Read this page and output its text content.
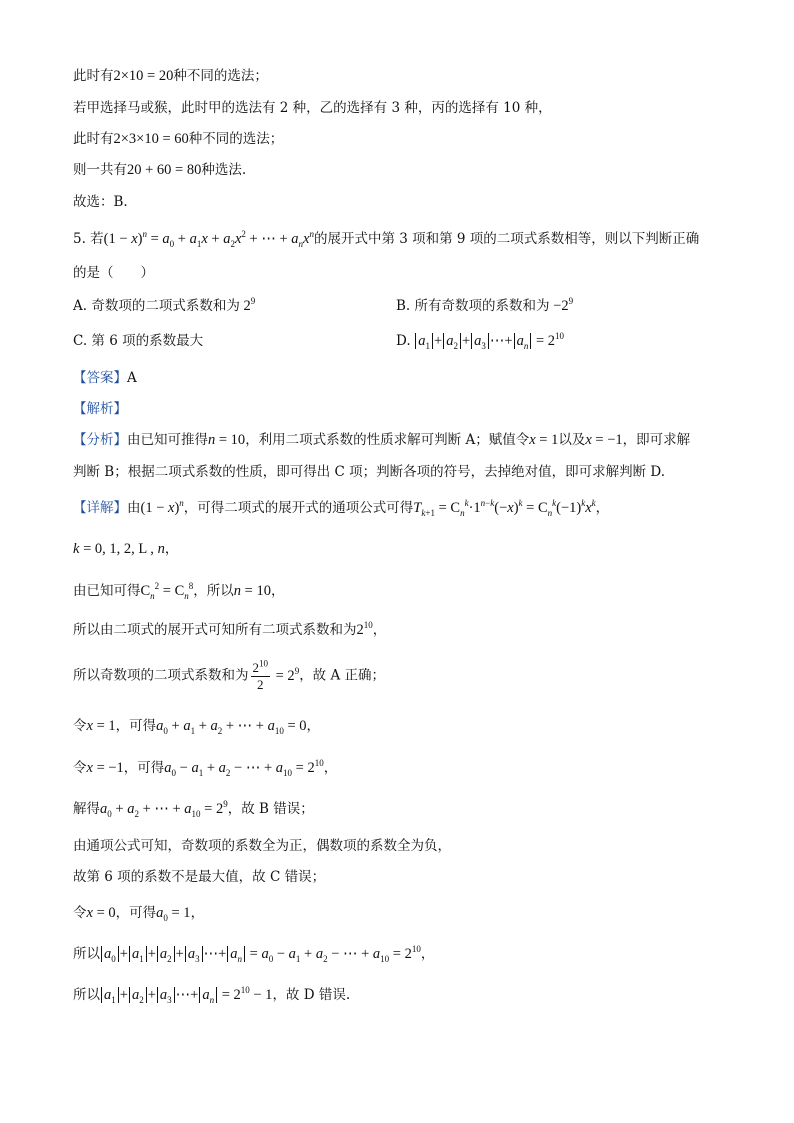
此时有2×10 = 20种不同的选法；
若甲选择马或猴，此时甲的选法有 2 种，乙的选择有 3 种，丙的选择有 10 种，
此时有2×3×10 = 60种不同的选法；
则一共有20 + 60 = 80种选法.
故选：B.
5. 若$(1 - x)^n = a_0 + a_1x + a_2x^2$ + ⋯ + $a_nx^n$的展开式中第 3 项和第 9 项的二项式系数相等，则以下判断正确
的是（　　）
A. 奇数项的二项式系数和为 $2^9$	B. 所有奇数项的系数和为 $-2^9$
C. 第 6 项的系数最大	D. $a_1 + a_2 + a_3$ ⋯+ $a_n = 2^{10}$
【答案】A
【解析】
【分析】由已知可推得n = 10，利用二项式系数的性质求解可判断 A；赋值令x = 1以及x = −1，即可求解
判断 B；根据二项式系数的性质，即可得出 C 项；判断各项的符号，去掉绝对值，即可求解判断 D.
【详解】由$(1 - x)^n$，可得二项式的展开式的通项公式可得$T_{k+1} = C_n^k\cdot 1^{n-k}(-x)^k = C_n^k(-1)^kx^k$，
k = 0, 1, 2, L , n，
由已知可得$C_n^2 = C_n^8$，所以n = 10，
所以由二项式的展开式可知所有二项式系数和为$2^{10}$，
所以奇数项的二项式系数和为 $\frac{2^{10}}{2} = 2^9$，故 A 正确；
令x = 1，可得$a_0 + a_1 + a_2$ + ⋯ + $a_{10} = 0$，
令x = −1，可得$a_0 - a_1 + a_2$ − ⋯ + $a_{10} = 2^{10}$，
解得$a_0 + a_2$ + ⋯ + $a_{10} = 2^9$，故 B 错误；
由通项公式可知，奇数项的系数全为正，偶数项的系数全为负，
故第 6 项的系数不是最大值，故 C 错误；
令x = 0，可得$a_0 = 1$，
所以 $a_0 + a_1 + a_2 + a_3$ ⋯+ $a_n = a_0 - a_1 + a_2$ − ⋯ + $a_{10} = 2^{10}$，
所以 $a_1 + a_2 + a_3$ ⋯+ $a_n = 2^{10} - 1$，故 D 错误.
